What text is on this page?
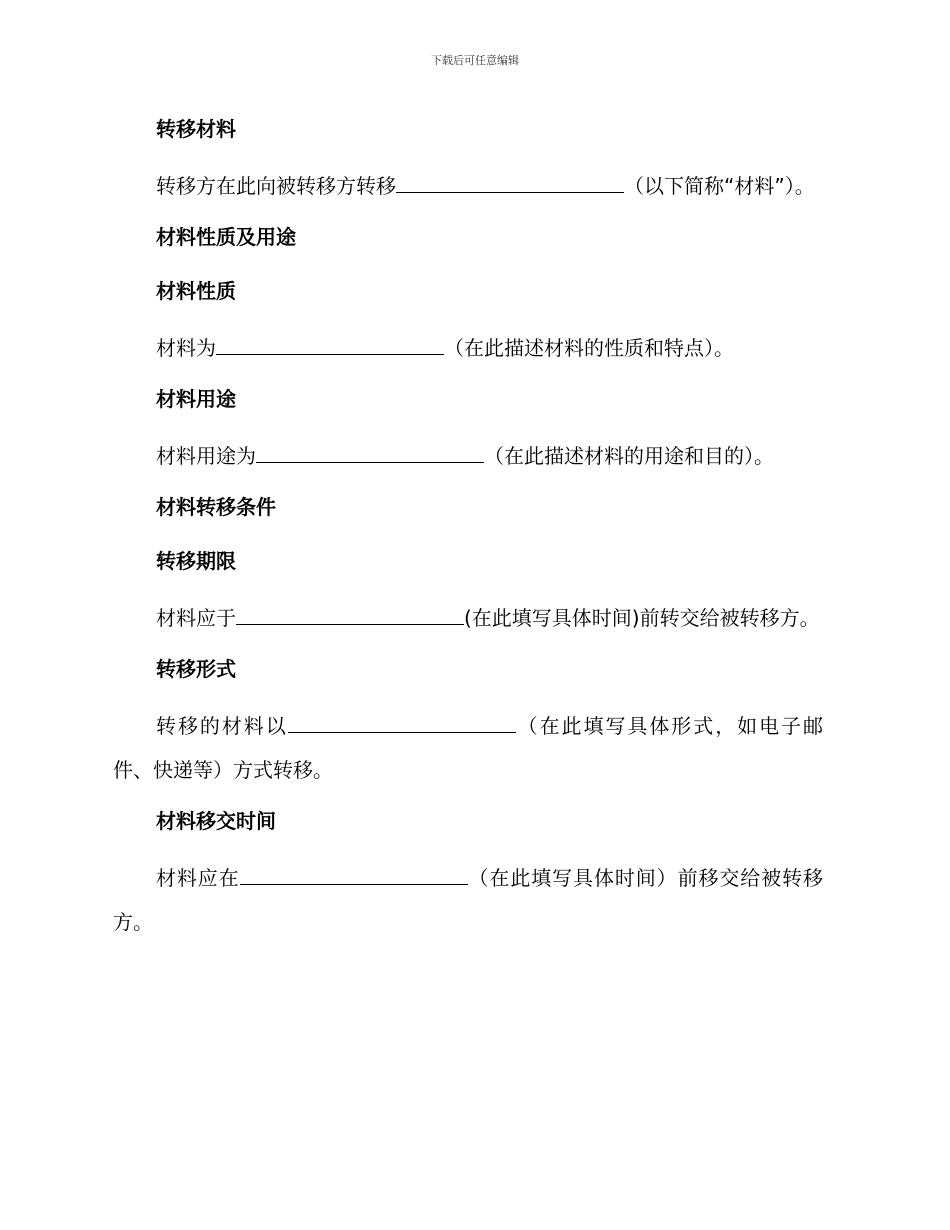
下载后可任意编辑
转移材料

转移方在此向被转移方转移	（以下简称“材料”）。

材料性质及用途
材料性质

材料为	（在此描述材料的性质和特点）。

材料用途

材料用途为	（在此描述材料的用途和目的）。

材料转移条件
转移期限

材料应于	(在此填写具体时间)前转交给被转移方。

转移形式

转移的材料以	（在此填写具体形式，如电子邮件、快递等）方式转移。

材料移交时间

材料应在	（在此填写具体时间）前移交给被转移方。
